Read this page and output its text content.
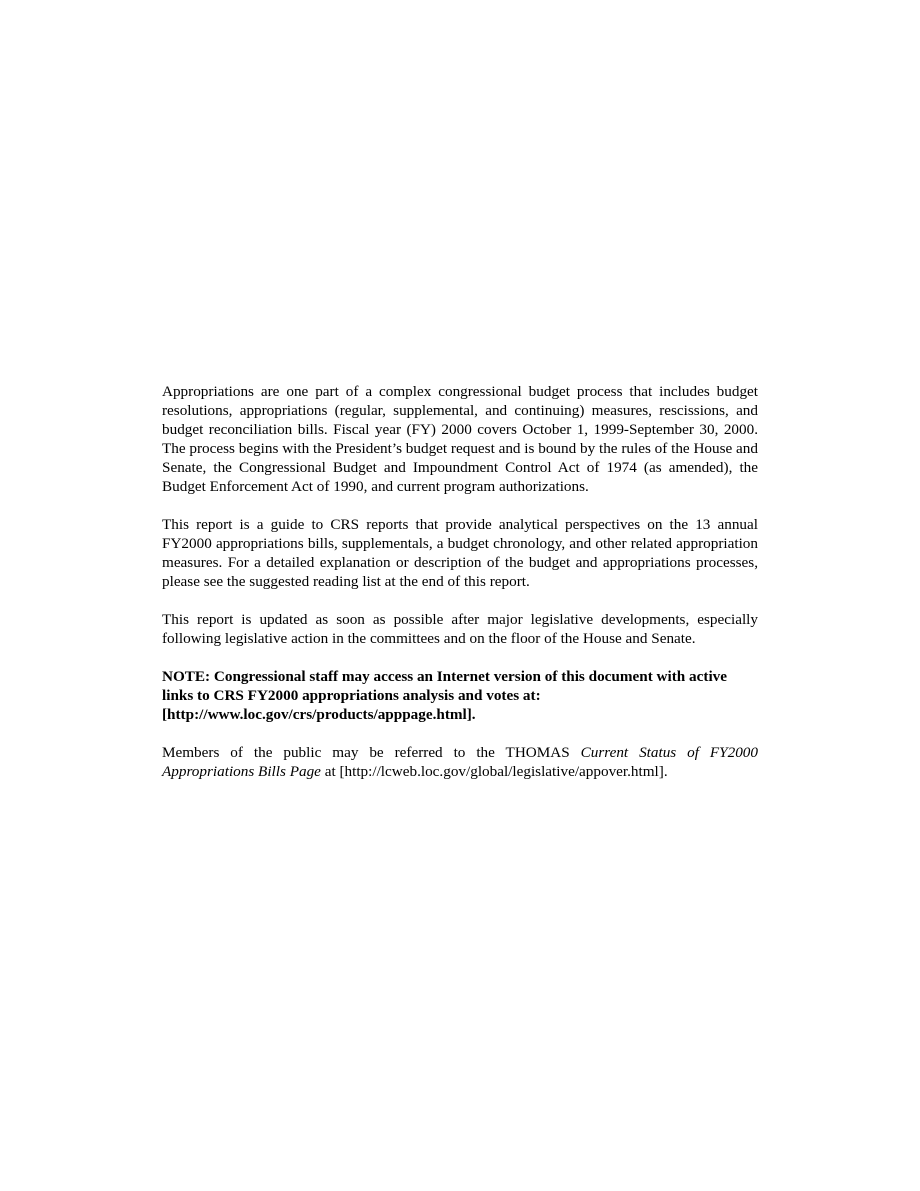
Appropriations are one part of a complex congressional budget process that includes budget resolutions, appropriations (regular, supplemental, and continuing) measures, rescissions, and budget reconciliation bills. Fiscal year (FY) 2000 covers October 1, 1999-September 30, 2000. The process begins with the President’s budget request and is bound by the rules of the House and Senate, the Congressional Budget and Impoundment Control Act of 1974 (as amended), the Budget Enforcement Act of 1990, and current program authorizations.

This report is a guide to CRS reports that provide analytical perspectives on the 13 annual FY2000 appropriations bills, supplementals, a budget chronology, and other related appropriation measures. For a detailed explanation or description of the budget and appropriations processes, please see the suggested reading list at the end of this report.

This report is updated as soon as possible after major legislative developments, especially following legislative action in the committees and on the floor of the House and Senate.

NOTE: Congressional staff may access an Internet version of this document with active links to CRS FY2000 appropriations analysis and votes at:
[http://www.loc.gov/crs/products/apppage.html].

Members of the public may be referred to the THOMAS Current Status of FY2000 Appropriations Bills Page at [http://lcweb.loc.gov/global/legislative/appover.html].
